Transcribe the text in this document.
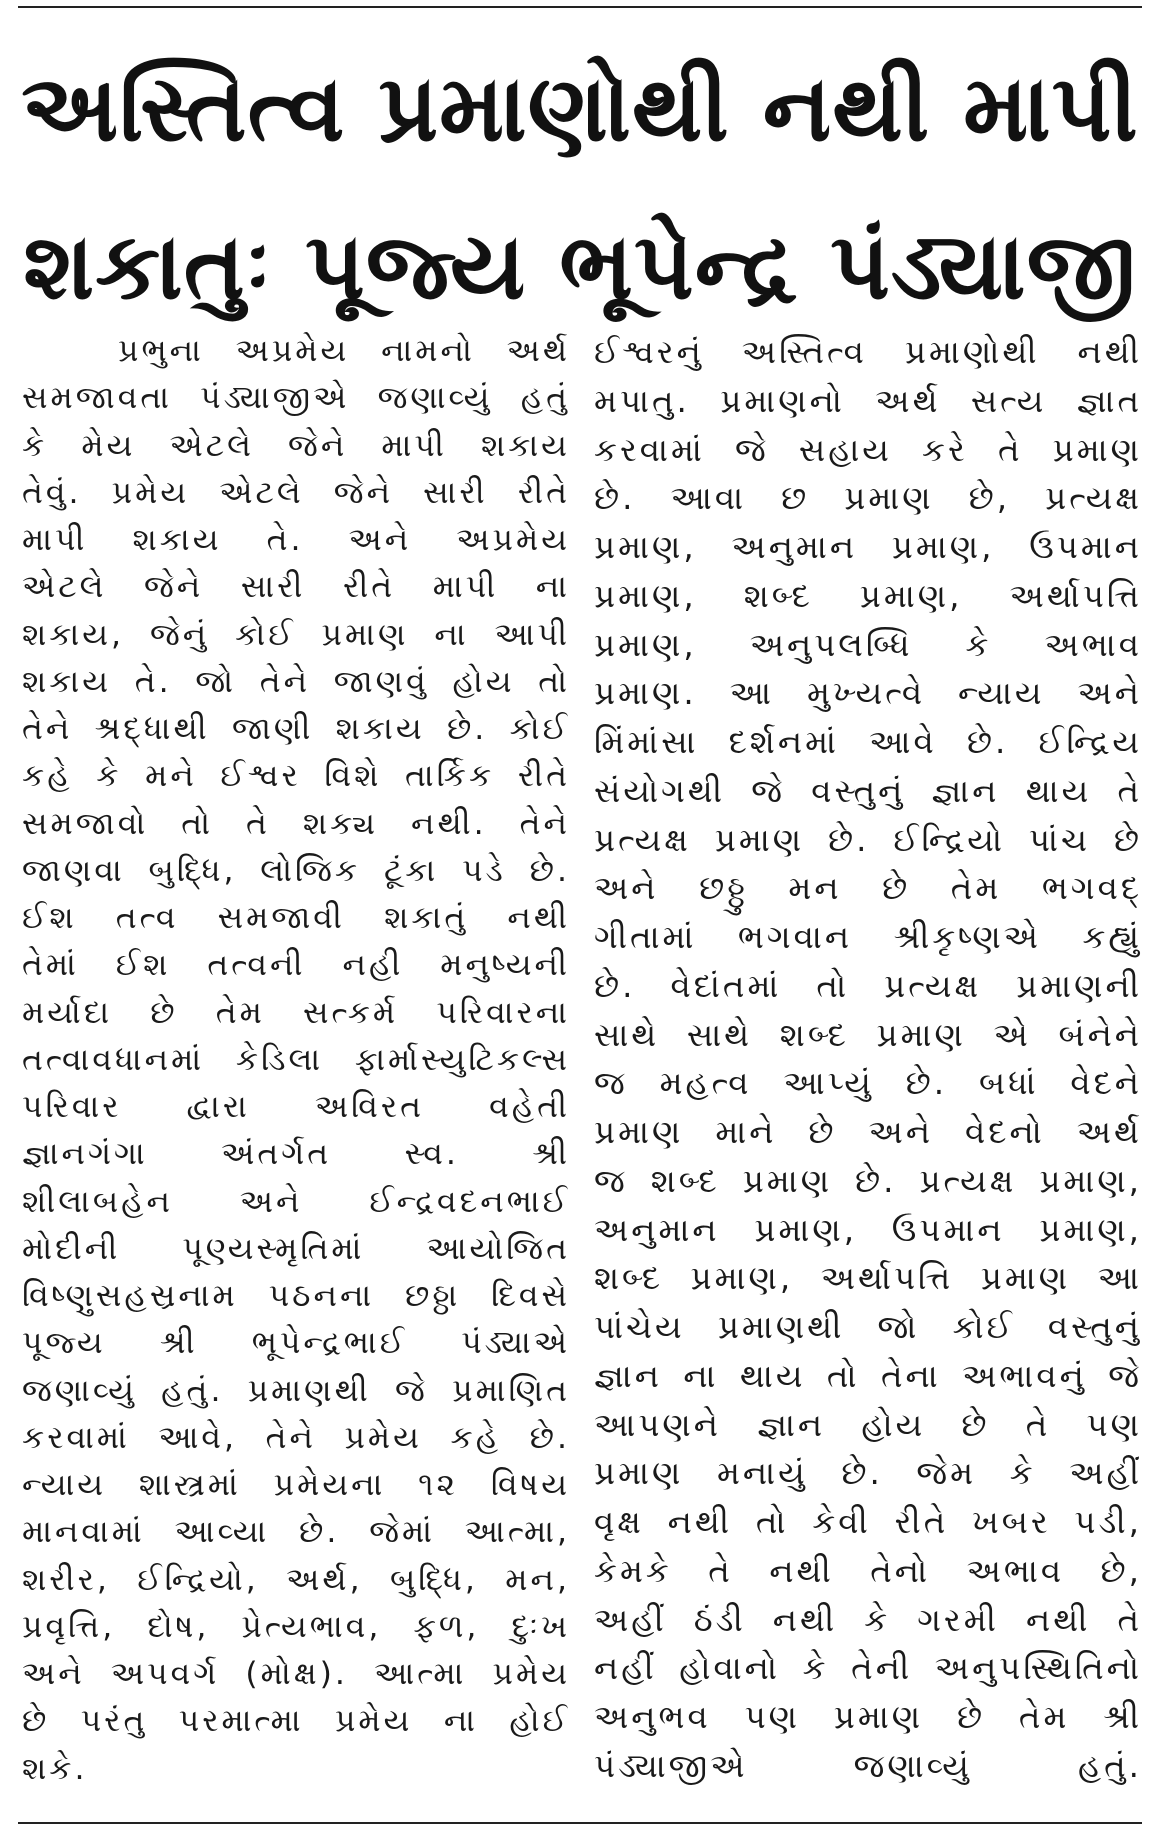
અસ્તિત્વ પ્રમાણોથી નથી માપી
શકાતુઃ પૂજ્ય ભૂપેન્દ્ર પંડ્યાજી

પ્રભુના અપ્રમેય નામનો અર્થ સમજાવતા પંડ્યાજીએ જણાવ્યું હતું કે મેય એટલે જેને માપી શકાય તેવું. પ્રમેય એટલે જેને સારી રીતે માપી શકાય તે. અને અપ્રમેય એટલે જેને સારી રીતે માપી ના શકાય, જેનું કોઈ પ્રમાણ ના આપી શકાય તે. જો તેને જાણવું હોય તો તેને શ્રદ્ધાથી જાણી શકાય છે. કોઈ કહે કે મને ઈશ્વર વિશે તાર્કિક રીતે સમજાવો તો તે શક્ય નથી. તેને જાણવા બુદ્ધિ, લોજિક ટૂંકા પડે છે. ઈશ તત્વ સમજાવી શકાતું નથી તેમાં ઈશ તત્વની નહી મનુષ્યની મર્યાદા છે તેમ સત્કર્મ પરિવારના તત્વાવધાનમાં કેડિલા ફાર્માસ્યુટિકલ્સ પરિવાર દ્વારા અવિરત વહેતી જ્ઞાનગંગા અંતર્ગત સ્વ. શ્રી શીલાબહેન અને ઈન્દ્રવદનભાઈ મોદીની પૂણ્યસ્મૃતિમાં આયોજિત વિષ્ણુસહસ્રનામ પઠનના છઠ્ઠા દિવસે પૂજ્ય શ્રી ભૂપેન્દ્રભાઈ પંડ્યાએ જણાવ્યું હતું. પ્રમાણથી જે પ્રમાણિત કરવામાં આવે, તેને પ્રમેય કહે છે. ન્યાય શાસ્ત્રમાં પ્રમેયના ૧૨ વિષય માનવામાં આવ્યા છે. જેમાં આત્મા, શરીર, ઈન્દ્રિયો, અર્થ, બુદ્ધિ, મન, પ્રવૃત્તિ, દોષ, પ્રેત્યભાવ, ફળ, દુઃખ અને અપવર્ગ (મોક્ષ). આત્મા પ્રમેય છે પરંતુ પરમાત્મા પ્રમેય ના હોઈ શકે.

ઈશ્વરનું અસ્તિત્વ પ્રમાણોથી નથી મપાતુ. પ્રમાણનો અર્થ સત્ય જ્ઞાત કરવામાં જે સહાય કરે તે પ્રમાણ છે. આવા છ પ્રમાણ છે, પ્રત્યક્ષ પ્રમાણ, અનુમાન પ્રમાણ, ઉપમાન પ્રમાણ, શબ્દ પ્રમાણ, અર્થાપત્તિ પ્રમાણ, અનુપલબ્ધિ કે અભાવ પ્રમાણ. આ મુખ્યત્વે ન્યાય અને મિંમાંસા દર્શનમાં આવે છે. ઈન્દ્રિય સંયોગથી જે વસ્તુનું જ્ઞાન થાય તે પ્રત્યક્ષ પ્રમાણ છે. ઈન્દ્રિયો પાંચ છે અને છઠ્ઠુ મન છે તેમ ભગવદ્ ગીતામાં ભગવાન શ્રીકૃષ્ણએ કહ્યું છે. વેદાંતમાં તો પ્રત્યક્ષ પ્રમાણની સાથે સાથે શબ્દ પ્રમાણ એ બંનેને જ મહત્વ આપ્યું છે. બધાં વેદને પ્રમાણ માને છે અને વેદનો અર્થ જ શબ્દ પ્રમાણ છે. પ્રત્યક્ષ પ્રમાણ, અનુમાન પ્રમાણ, ઉપમાન પ્રમાણ, શબ્દ પ્રમાણ, અર્થાપત્તિ પ્રમાણ આ પાંચેય પ્રમાણથી જો કોઈ વસ્તુનું જ્ઞાન ના થાય તો તેના અભાવનું જે આપણને જ્ઞાન હોય છે તે પણ પ્રમાણ મનાયું છે. જેમ કે અહીં વૃક્ષ નથી તો કેવી રીતે ખબર પડી, કેમકે તે નથી તેનો અભાવ છે, અહીં ઠંડી નથી કે ગરમી નથી તે નહીં હોવાનો કે તેની અનુપસ્થિતિનો અનુભવ પણ પ્રમાણ છે તેમ શ્રી પંડ્યાજીએ જણાવ્યું હતું.
